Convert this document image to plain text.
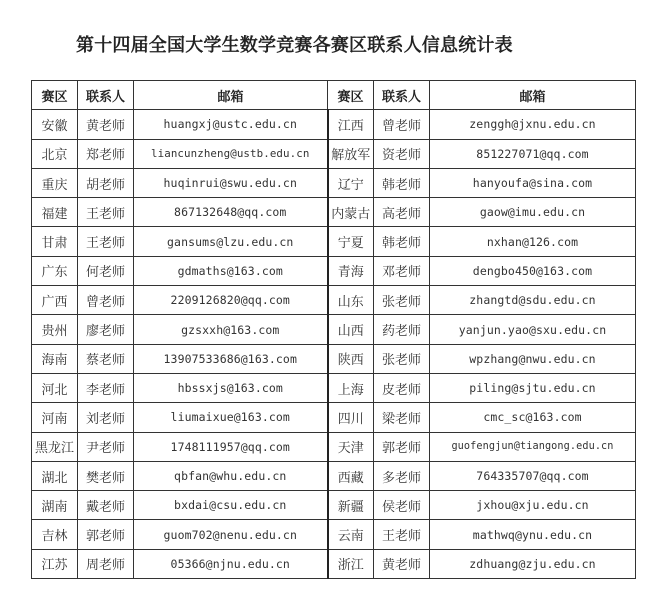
第十四届全国大学生数学竞赛各赛区联系人信息统计表
赛区	联系人	邮箱	赛区	联系人	邮箱
安徽	黄老师	huangxj@ustc.edu.cn	江西	曾老师	zenggh@jxnu.edu.cn
北京	郑老师	liancunzheng@ustb.edu.cn	解放军	资老师	851227071@qq.com
重庆	胡老师	huqinrui@swu.edu.cn	辽宁	韩老师	hanyoufa@sina.com
福建	王老师	867132648@qq.com	内蒙古	高老师	gaow@imu.edu.cn
甘肃	王老师	gansums@lzu.edu.cn	宁夏	韩老师	nxhan@126.com
广东	何老师	gdmaths@163.com	青海	邓老师	dengbo450@163.com
广西	曾老师	2209126820@qq.com	山东	张老师	zhangtd@sdu.edu.cn
贵州	廖老师	gzsxxh@163.com	山西	药老师	yanjun.yao@sxu.edu.cn
海南	蔡老师	13907533686@163.com	陕西	张老师	wpzhang@nwu.edu.cn
河北	李老师	hbssxjs@163.com	上海	皮老师	piling@sjtu.edu.cn
河南	刘老师	liumaixue@163.com	四川	梁老师	cmc_sc@163.com
黑龙江	尹老师	1748111957@qq.com	天津	郭老师	guofengjun@tiangong.edu.cn
湖北	樊老师	qbfan@whu.edu.cn	西藏	多老师	764335707@qq.com
湖南	戴老师	bxdai@csu.edu.cn	新疆	侯老师	jxhou@xju.edu.cn
吉林	郭老师	guom702@nenu.edu.cn	云南	王老师	mathwq@ynu.edu.cn
江苏	周老师	05366@njnu.edu.cn	浙江	黄老师	zdhuang@zju.edu.cn
